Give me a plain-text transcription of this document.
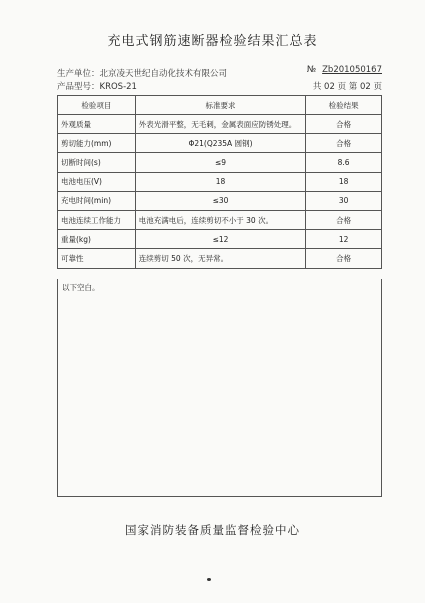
充电式钢筋速断器检验结果汇总表
生产单位：北京凌天世纪自动化技术有限公司	№ Zb201050167
产品型号：KROS-21	共 02 页 第 02 页
检验项目	标准要求	检验结果
外观质量	外表光滑平整，无毛刺，金属表面应防锈处理。	合格
剪切能力(mm)	Φ21(Q235A 圆钢)	合格
切断时间(s)	≤9	8.6
电池电压(V)	18	18
充电时间(min)	≤30	30
电池连续工作能力	电池充满电后，连续剪切不小于 30 次。	合格
重量(kg)	≤12	12
可靠性	连续剪切 50 次，无异常。	合格
以下空白。
国家消防装备质量监督检验中心
